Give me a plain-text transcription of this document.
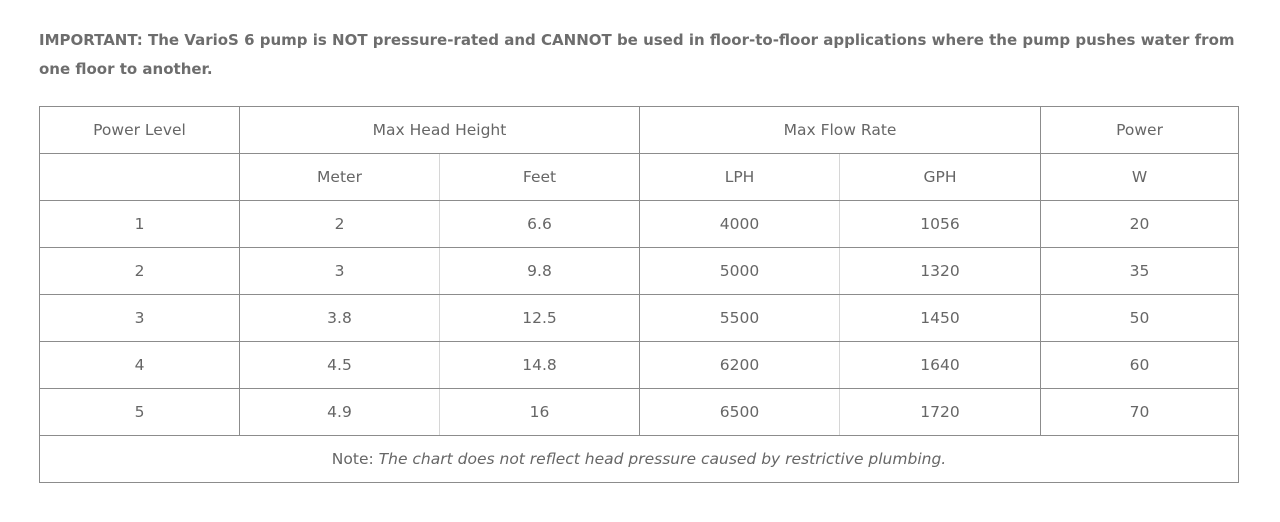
IMPORTANT: The VarioS 6 pump is NOT pressure-rated and CANNOT be used in floor-to-floor applications where the pump pushes water from one floor to another.

Power Level	Max Head Height		Max Flow Rate		Power
	Meter	Feet	LPH	GPH	W
1	2	6.6	4000	1056	20
2	3	9.8	5000	1320	35
3	3.8	12.5	5500	1450	50
4	4.5	14.8	6200	1640	60
5	4.9	16	6500	1720	70
Note: The chart does not reflect head pressure caused by restrictive plumbing.					
